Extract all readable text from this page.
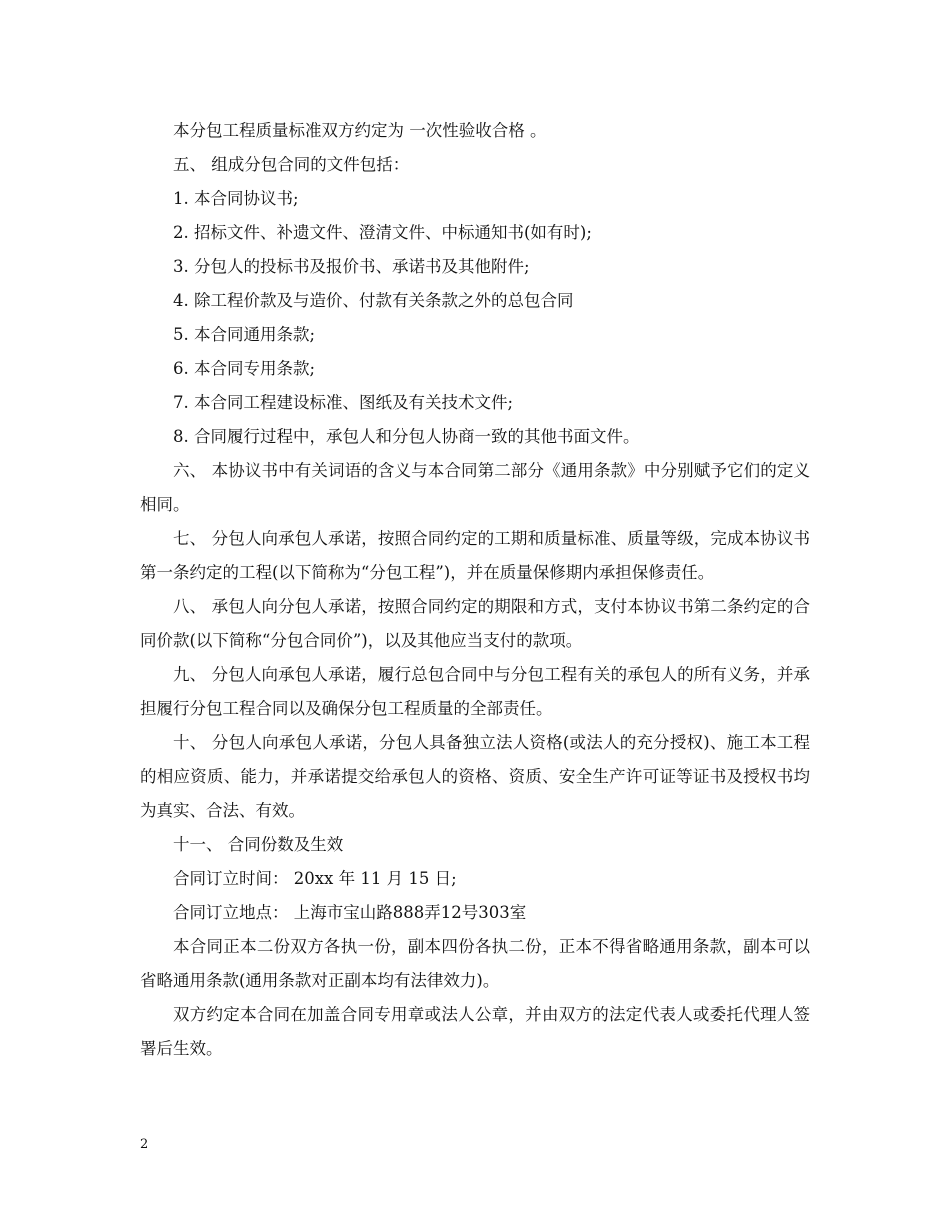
本分包工程质量标准双方约定为 一次性验收合格 。

五、 组成分包合同的文件包括：

1. 本合同协议书;

2. 招标文件、补遗文件、澄清文件、中标通知书(如有时);

3. 分包人的投标书及报价书、承诺书及其他附件;

4. 除工程价款及与造价、付款有关条款之外的总包合同

5. 本合同通用条款;

6. 本合同专用条款;

7. 本合同工程建设标准、图纸及有关技术文件;

8. 合同履行过程中，承包人和分包人协商一致的其他书面文件。

六、 本协议书中有关词语的含义与本合同第二部分《通用条款》中分别赋予它们的定义相同。

七、 分包人向承包人承诺，按照合同约定的工期和质量标准、质量等级，完成本协议书第一条约定的工程(以下简称为“分包工程”)，并在质量保修期内承担保修责任。

八、 承包人向分包人承诺，按照合同约定的期限和方式，支付本协议书第二条约定的合同价款(以下简称“分包合同价”)，以及其他应当支付的款项。

九、 分包人向承包人承诺，履行总包合同中与分包工程有关的承包人的所有义务，并承担履行分包工程合同以及确保分包工程质量的全部责任。

十、 分包人向承包人承诺，分包人具备独立法人资格(或法人的充分授权)、施工本工程的相应资质、能力，并承诺提交给承包人的资格、资质、安全生产许可证等证书及授权书均为真实、合法、有效。

十一、 合同份数及生效

合同订立时间： 20xx 年 11 月 15 日;

合同订立地点： 上海市宝山路888弄12号303室

本合同正本二份双方各执一份，副本四份各执二份，正本不得省略通用条款，副本可以省略通用条款(通用条款对正副本均有法律效力)。

双方约定本合同在加盖合同专用章或法人公章，并由双方的法定代表人或委托代理人签署后生效。

2
